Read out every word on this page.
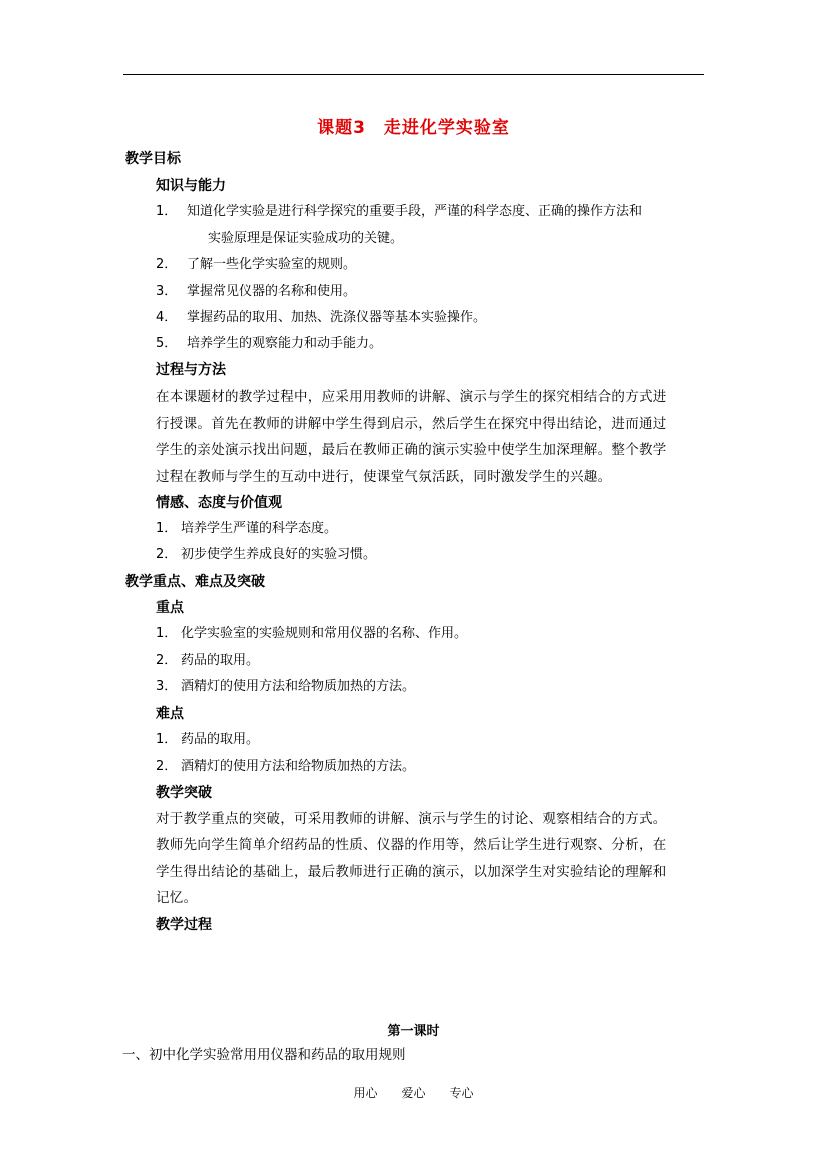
课题3　走进化学实验室
教学目标
知识与能力
1． 知道化学实验是进行科学探究的重要手段，严谨的科学态度、正确的操作方法和
实验原理是保证实验成功的关键。
2． 了解一些化学实验室的规则。
3． 掌握常见仪器的名称和使用。
4． 掌握药品的取用、加热、洗涤仪器等基本实验操作。
5． 培养学生的观察能力和动手能力。
过程与方法
在本课题材的教学过程中，应采用用教师的讲解、演示与学生的探究相结合的方式进
行授课。首先在教师的讲解中学生得到启示，然后学生在探究中得出结论，进而通过
学生的亲处演示找出问题，最后在教师正确的演示实验中使学生加深理解。整个教学
过程在教师与学生的互动中进行，使课堂气氛活跃，同时激发学生的兴趣。
情感、态度与价值观
1． 培养学生严谨的科学态度。
2． 初步使学生养成良好的实验习惯。
教学重点、难点及突破
重点
1． 化学实验室的实验规则和常用仪器的名称、作用。
2． 药品的取用。
3． 酒精灯的使用方法和给物质加热的方法。
难点
1． 药品的取用。
2． 酒精灯的使用方法和给物质加热的方法。
教学突破
对于教学重点的突破，可采用教师的讲解、演示与学生的讨论、观察相结合的方式。
教师先向学生简单介绍药品的性质、仪器的作用等，然后让学生进行观察、分析，在
学生得出结论的基础上，最后教师进行正确的演示，以加深学生对实验结论的理解和
记忆。
教学过程
第一课时
一、初中化学实验常用用仪器和药品的取用规则
用心　　爱心　　专心
